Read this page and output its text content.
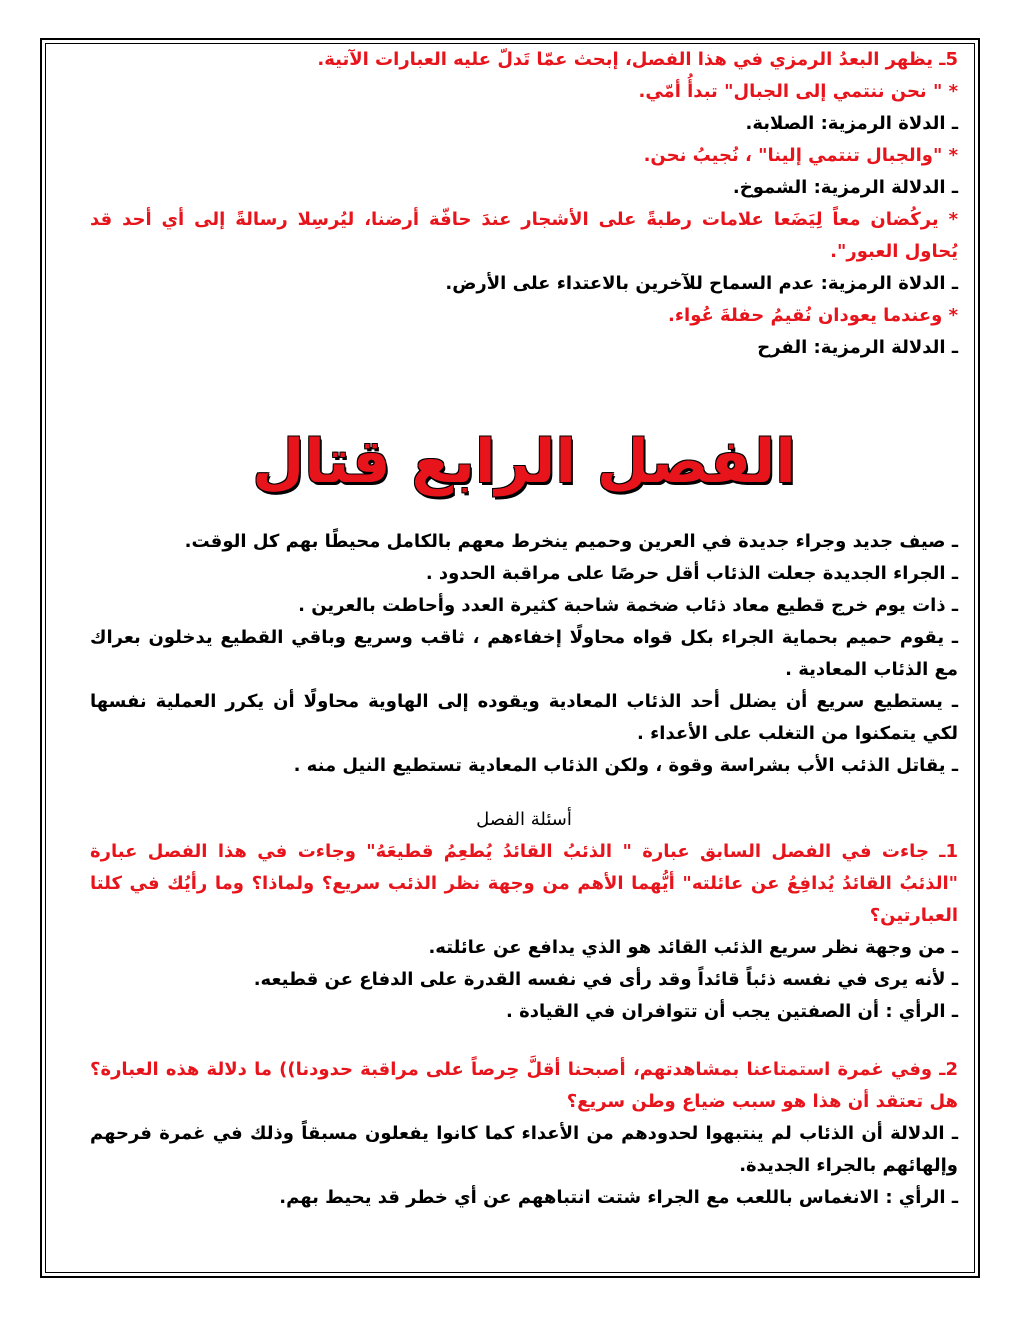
5ـ يظهر البعدُ الرمزي في هذا الفصل، إبحث عمّا تَدلّ عليه العبارات الآتية.
* " نحن ننتمي إلى الجبال" تبدأُ أمّي.
ـ الدلاة الرمزية: الصلابة.
* "والجبال تنتمي إلينا" ، نُجيبُ نحن.
ـ الدلالة الرمزية: الشموخ.
* يركُضان معاً لِيَضَعا علامات رطبةً على الأشجار عندَ حافّة أرضنا، ليُرسِلا رسالةً إلى أي أحد قد يُحاول العبور".
ـ الدلاة الرمزية: عدم السماح للآخرين بالاعتداء على الأرض.
* وعندما يعودان نُقيمُ حفلةَ عُواء.
ـ الدلالة الرمزية: الفرح
الفصل الرابع قتال
ـ صيف جديد وجراء جديدة في العرين وحميم ينخرط معهم بالكامل محيطًا بهم كل الوقت.
ـ الجراء الجديدة جعلت الذئاب أقل حرصًا على مراقبة الحدود .
ـ ذات يوم خرج قطيع معاد ذئاب ضخمة شاحبة كثيرة العدد وأحاطت بالعرين .
ـ يقوم حميم بحماية الجراء بكل قواه محاولًا إخفاءهم ، ثاقب وسريع وباقي القطيع يدخلون بعراك مع الذئاب المعادية .
ـ يستطيع سريع أن يضلل أحد الذئاب المعادية ويقوده إلى الهاوية محاولًا أن يكرر العملية نفسها لكي يتمكنوا من التغلب على الأعداء .
ـ يقاتل الذئب الأب بشراسة وقوة ، ولكن الذئاب المعادية تستطيع النيل منه .
أسئلة الفصل
1ـ جاءت في الفصل السابق عبارة " الذئبُ القائدُ يُطعِمُ قطيعَهُ" وجاءت في هذا الفصل عبارة "الذئبُ القائدُ يُدافِعُ عن عائلته" أيُّهما الأهم من وجهة نظر الذئب سريع؟ ولماذا؟ وما رأيُك في كلتا العبارتين؟
ـ من وجهة نظر سريع الذئب القائد هو الذي يدافع عن عائلته.
ـ لأنه يرى في نفسه ذئباً قائداً وقد رأى في نفسه القدرة على الدفاع عن قطيعه.
ـ الرأي : أن الصفتين يجب أن تتوافران في القيادة .
2ـ وفي غمرة استمتاعنا بمشاهدتهم، أصبحنا أقلَّ حِرصاً على مراقبة حدودنا)) ما دلالة هذه العبارة؟ هل تعتقد أن هذا هو سبب ضياع وطن سريع؟
ـ الدلالة أن الذئاب لم ينتبهوا لحدودهم من الأعداء كما كانوا يفعلون مسبقاً وذلك في غمرة فرحهم وإلهائهم بالجراء الجديدة.
ـ الرأي : الانغماس باللعب مع الجراء شتت انتباههم عن أي خطر قد يحيط بهم.
